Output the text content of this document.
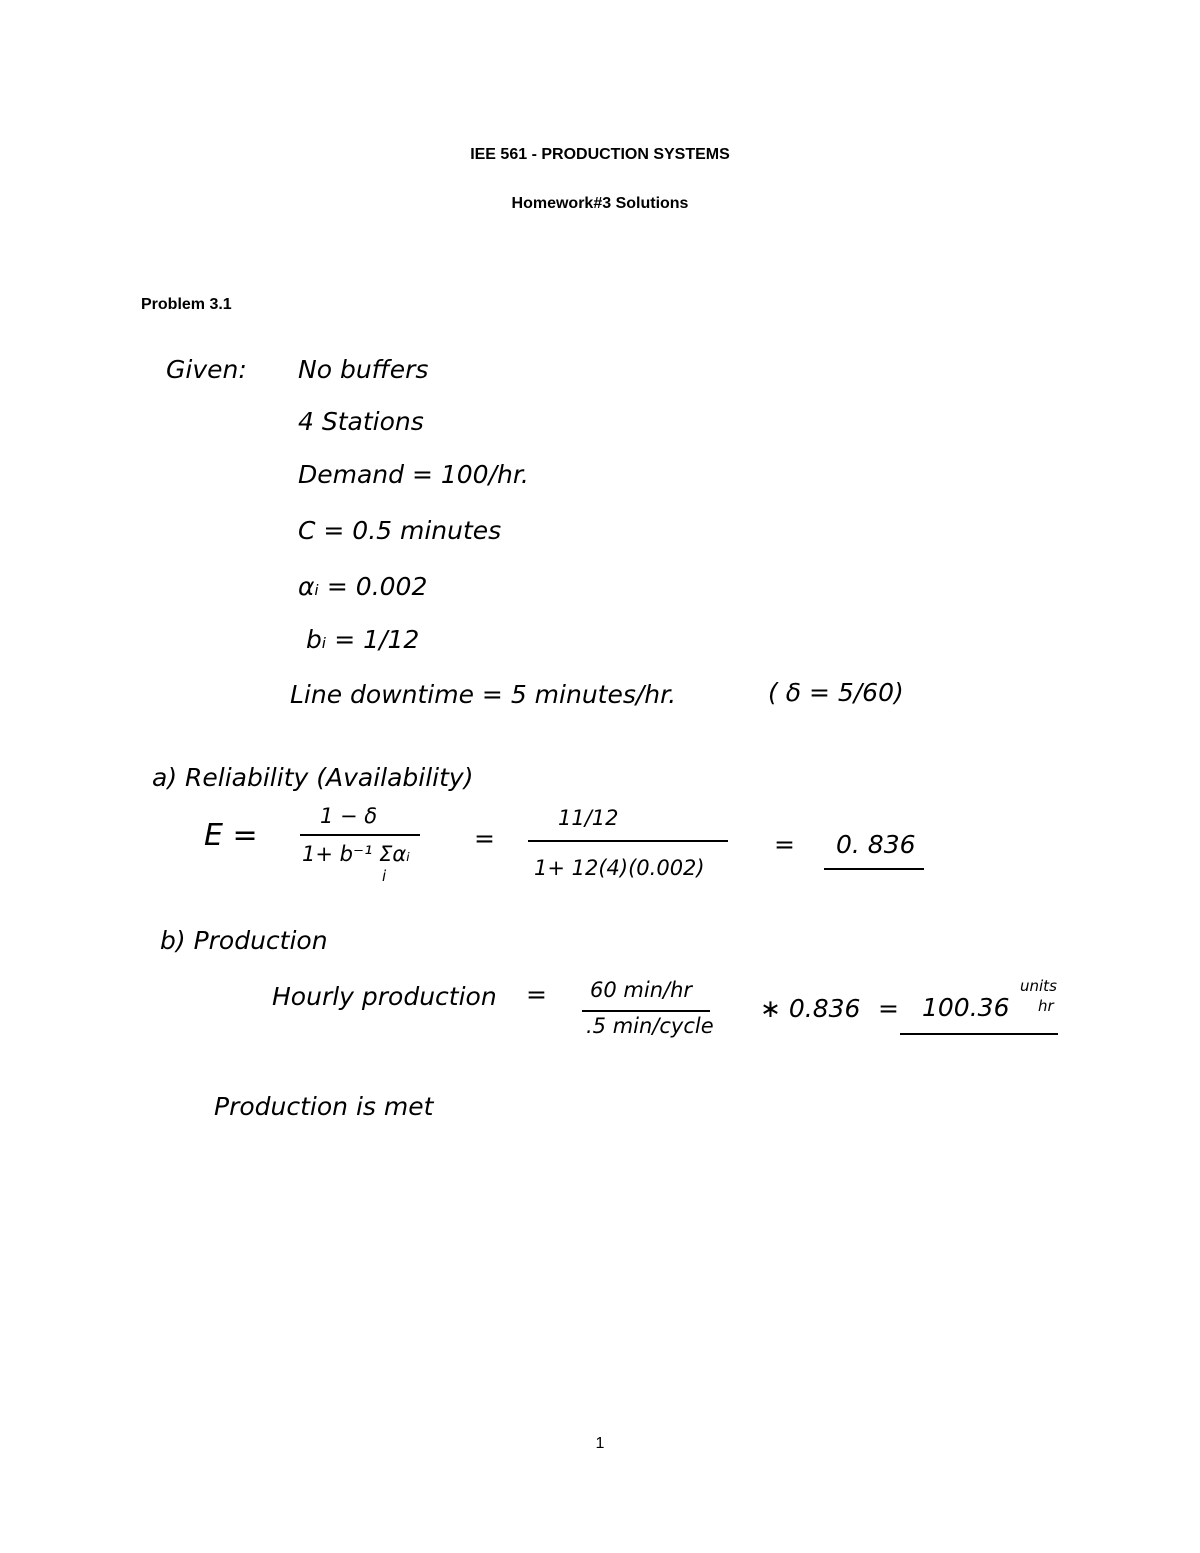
IEE 561 - PRODUCTION SYSTEMS
Homework#3 Solutions
Problem 3.1
Given: No buffers
4 Stations
Demand = 100/hr.
C = 0.5 minutes
αᵢ = 0.002
bᵢ = 1/12
Line downtime = 5 minutes/hr.	( δ = 5/60)
a) Reliability (Availability)
E =
1 − δ
1+ b⁻¹ Σαᵢ
i
=
11/12
1+ 12(4)(0.002)
= 0. 836
b) Production
Hourly production = 60 min/hr
.5 min/cycle
∗ 0.836 = 100.36
units
hr
Production is met
1
